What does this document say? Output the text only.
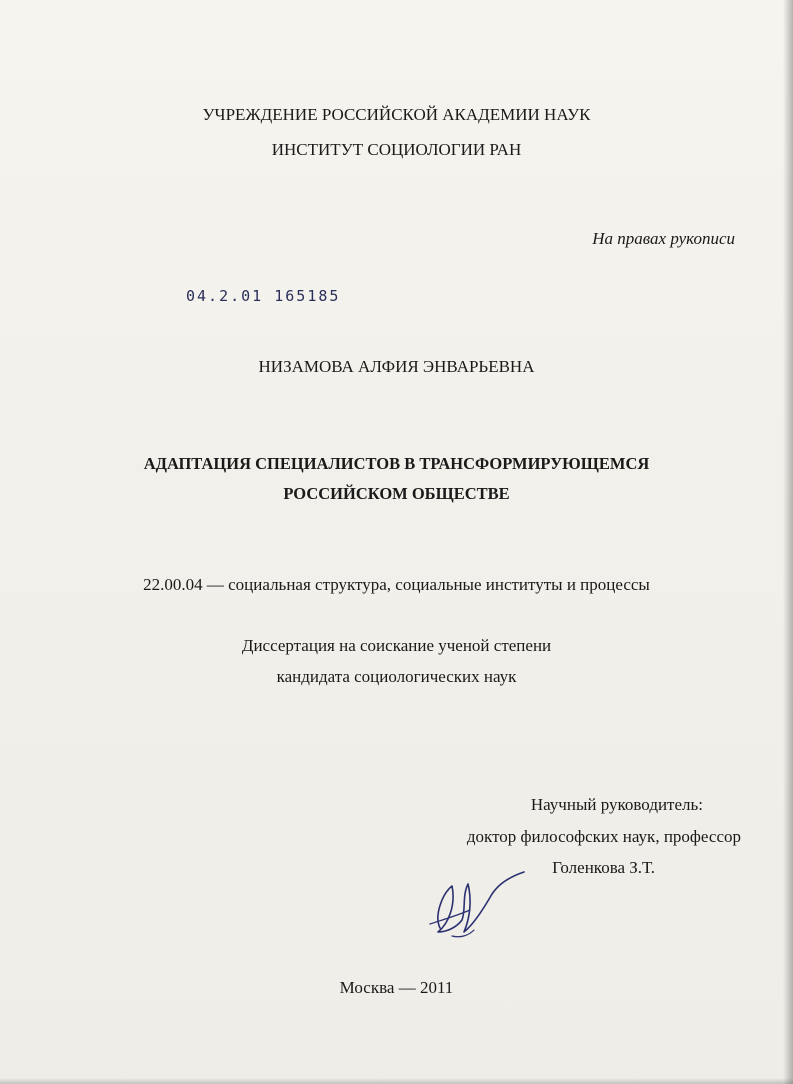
УЧРЕЖДЕНИЕ РОССИЙСКОЙ АКАДЕМИИ НАУК
ИНСТИТУТ СОЦИОЛОГИИ РАН
На правах рукописи
04.2.01 165185
НИЗАМОВА АЛФИЯ ЭНВАРЬЕВНА
АДАПТАЦИЯ СПЕЦИАЛИСТОВ В ТРАНСФОРМИРУЮЩЕМСЯ
РОССИЙСКОМ ОБЩЕСТВЕ
22.00.04 — социальная структура, социальные институты и процессы
Диссертация на соискание ученой степени
кандидата социологических наук
Научный руководитель:
доктор философских наук, профессор
Голенкова З.Т.
Москва — 2011
